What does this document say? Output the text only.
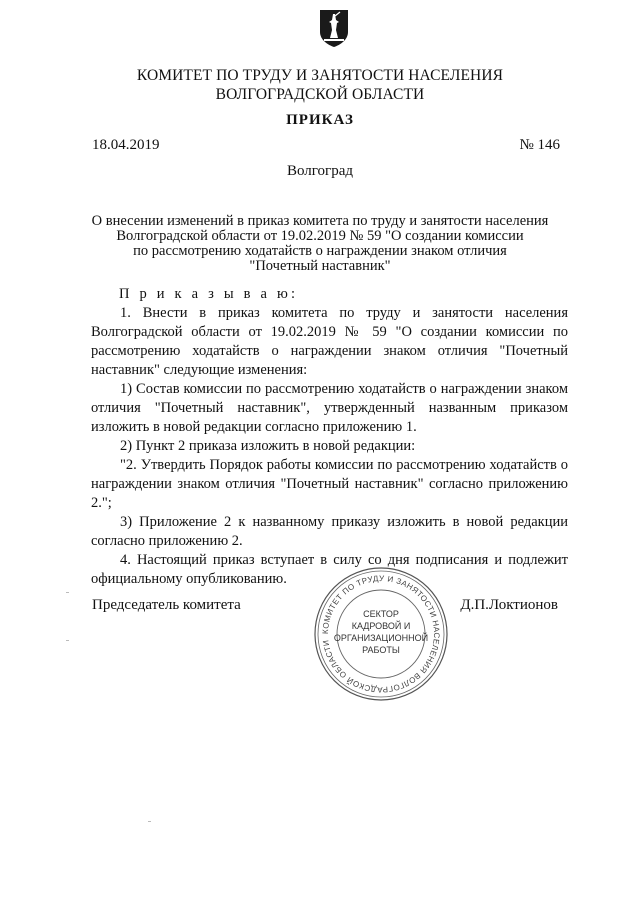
КОМИТЕТ ПО ТРУДУ И ЗАНЯТОСТИ НАСЕЛЕНИЯ
ВОЛГОГРАДСКОЙ ОБЛАСТИ
ПРИКАЗ
18.04.2019	№ 146
Волгоград
О внесении изменений в приказ комитета по труду и занятости населения
Волгоградской области от 19.02.2019 № 59 "О создании комиссии
по рассмотрению ходатайств о награждении знаком отличия
"Почетный наставник"
П р и к а з ы в а ю:
1. Внести в приказ комитета по труду и занятости населения Волгоградской области от 19.02.2019 № 59 "О создании комиссии по рассмотрению ходатайств о награждении знаком отличия "Почетный наставник" следующие изменения:
1) Состав комиссии по рассмотрению ходатайств о награждении знаком отличия "Почетный наставник", утвержденный названным приказом изложить в новой редакции согласно приложению 1.
2) Пункт 2 приказа изложить в новой редакции:
"2. Утвердить Порядок работы комиссии по рассмотрению ходатайств о награждении знаком отличия "Почетный наставник" согласно приложению 2.";
3) Приложение 2 к названному приказу изложить в новой редакции согласно приложению 2.
4. Настоящий приказ вступает в силу со дня подписания и подлежит официальному опубликованию.
Председатель комитета	Д.П.Локтионов
КОМИТЕТ ПО ТРУДУ И ЗАНЯТОСТИ НАСЕЛЕНИЯ ВОЛГОГРАДСКОЙ ОБЛАСТИ
СЕКТОР
КАДРОВОЙ И
ОРГАНИЗАЦИОННОЙ
РАБОТЫ
